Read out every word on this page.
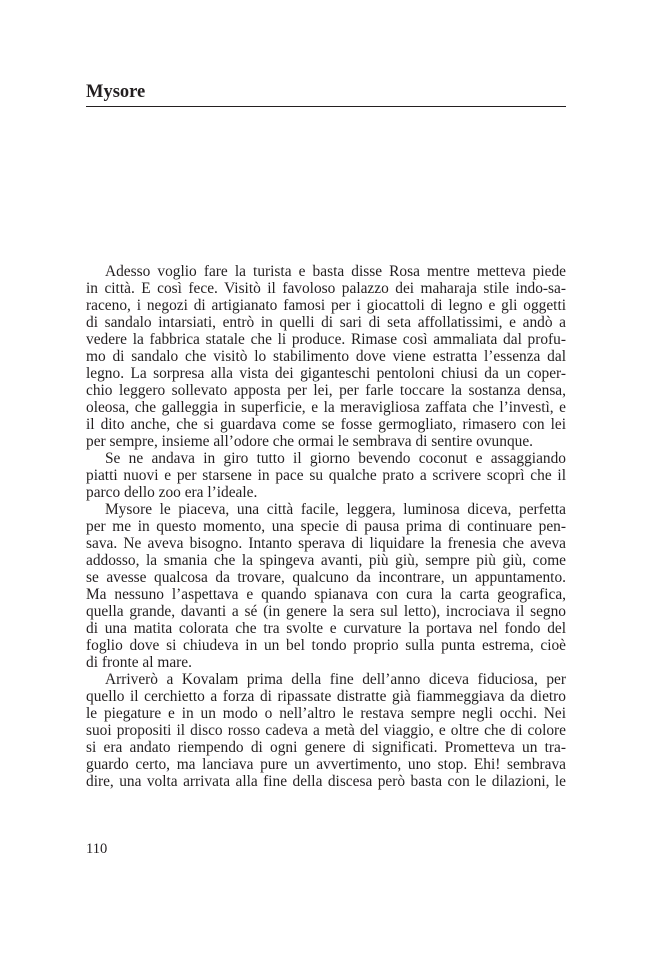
Mysore
Adesso voglio fare la turista e basta disse Rosa mentre metteva piede
in città. E così fece. Visitò il favoloso palazzo dei maharaja stile indo-sa-
raceno, i negozi di artigianato famosi per i giocattoli di legno e gli oggetti
di sandalo intarsiati, entrò in quelli di sari di seta affollatissimi, e andò a
vedere la fabbrica statale che li produce. Rimase così ammaliata dal profu-
mo di sandalo che visitò lo stabilimento dove viene estratta l’essenza dal
legno. La sorpresa alla vista dei giganteschi pentoloni chiusi da un coper-
chio leggero sollevato apposta per lei, per farle toccare la sostanza densa,
oleosa, che galleggia in superficie, e la meravigliosa zaffata che l’investì, e
il dito anche, che si guardava come se fosse germogliato, rimasero con lei
per sempre, insieme all’odore che ormai le sembrava di sentire ovunque.
Se ne andava in giro tutto il giorno bevendo coconut e assaggiando
piatti nuovi e per starsene in pace su qualche prato a scrivere scoprì che il
parco dello zoo era l’ideale.
Mysore le piaceva, una città facile, leggera, luminosa diceva, perfetta
per me in questo momento, una specie di pausa prima di continuare pen-
sava. Ne aveva bisogno. Intanto sperava di liquidare la frenesia che aveva
addosso, la smania che la spingeva avanti, più giù, sempre più giù, come
se avesse qualcosa da trovare, qualcuno da incontrare, un appuntamento.
Ma nessuno l’aspettava e quando spianava con cura la carta geografica,
quella grande, davanti a sé (in genere la sera sul letto), incrociava il segno
di una matita colorata che tra svolte e curvature la portava nel fondo del
foglio dove si chiudeva in un bel tondo proprio sulla punta estrema, cioè
di fronte al mare.
Arriverò a Kovalam prima della fine dell’anno diceva fiduciosa, per
quello il cerchietto a forza di ripassate distratte già fiammeggiava da dietro
le piegature e in un modo o nell’altro le restava sempre negli occhi. Nei
suoi propositi il disco rosso cadeva a metà del viaggio, e oltre che di colore
si era andato riempendo di ogni genere di significati. Prometteva un tra-
guardo certo, ma lanciava pure un avvertimento, uno stop. Ehi! sembrava
dire, una volta arrivata alla fine della discesa però basta con le dilazioni, le
110
